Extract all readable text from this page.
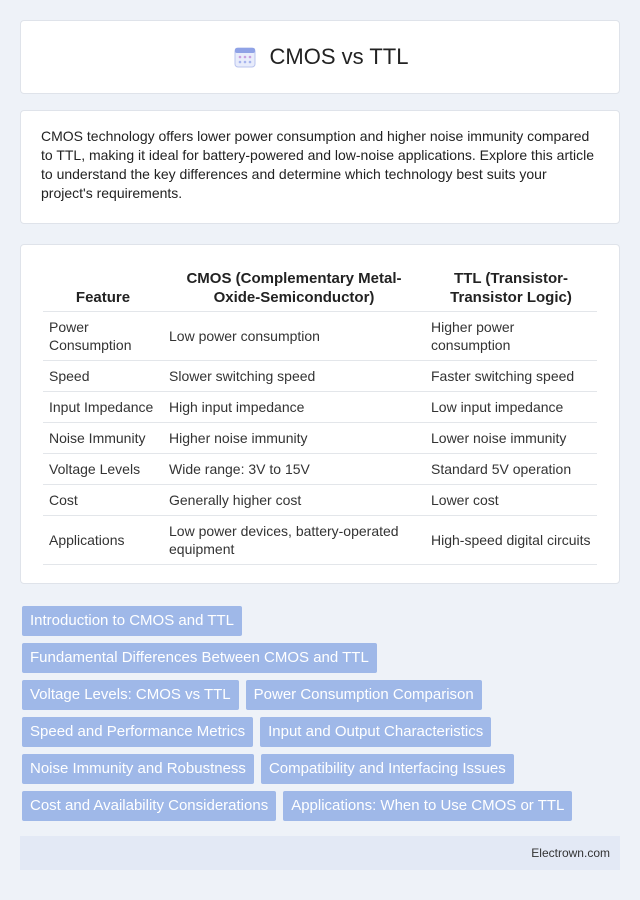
CMOS vs TTL

CMOS technology offers lower power consumption and higher noise immunity compared to TTL, making it ideal for battery-powered and low-noise applications. Explore this article to understand the key differences and determine which technology best suits your project's requirements.

Feature	CMOS (Complementary Metal-Oxide-Semiconductor)	TTL (Transistor-Transistor Logic)
Power Consumption	Low power consumption	Higher power consumption
Speed	Slower switching speed	Faster switching speed
Input Impedance	High input impedance	Low input impedance
Noise Immunity	Higher noise immunity	Lower noise immunity
Voltage Levels	Wide range: 3V to 15V	Standard 5V operation
Cost	Generally higher cost	Lower cost
Applications	Low power devices, battery-operated equipment	High-speed digital circuits
Introduction to CMOS and TTL
Fundamental Differences Between CMOS and TTL
Voltage Levels: CMOS vs TTL	Power Consumption Comparison
Speed and Performance Metrics	Input and Output Characteristics
Noise Immunity and Robustness	Compatibility and Interfacing Issues
Cost and Availability Considerations	Applications: When to Use CMOS or TTL
Electrown.com
